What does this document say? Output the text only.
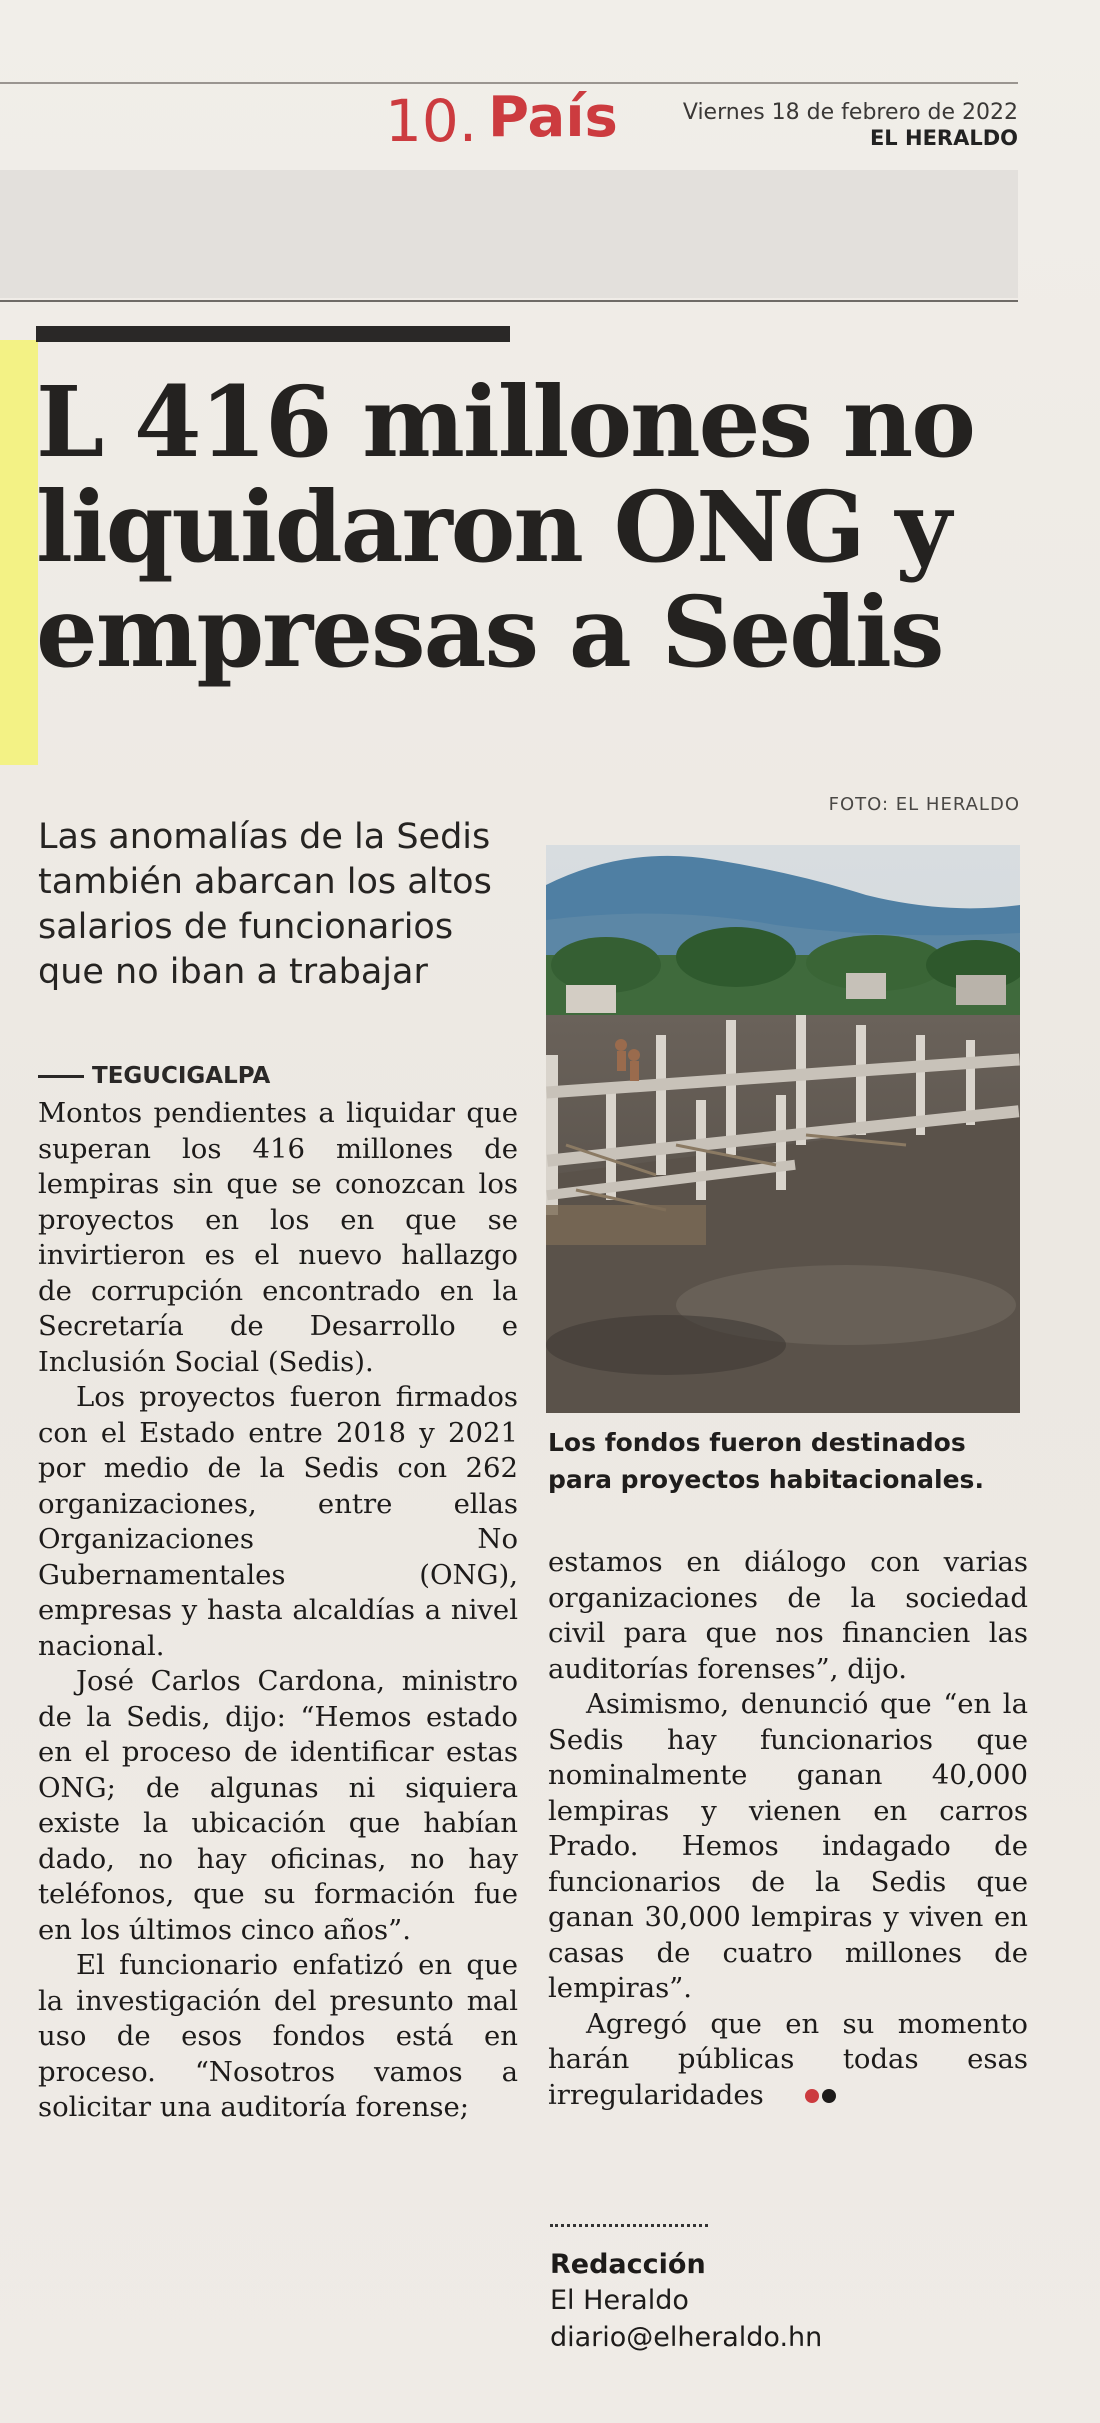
10. País	Viernes 18 de febrero de 2022
EL HERALDO
L 416 millones no
liquidaron ONG y
empresas a Sedis
FOTO: EL HERALDO
Las anomalías de la Sedis
también abarcan los altos
salarios de funcionarios
que no iban a trabajar
Los fondos fueron destinados
para proyectos habitacionales.
TEGUCIGALPA

Montos pendientes a liquidar que superan los 416 millones de lempiras sin que se conozcan los proyectos en los en que se invirtieron es el nuevo hallazgo de corrupción encontrado en la Secretaría de Desarrollo e Inclusión Social (Sedis).

Los proyectos fueron firmados con el Estado entre 2018 y 2021 por medio de la Sedis con 262 organizaciones, entre ellas Organizaciones No Gubernamentales (ONG), empresas y hasta alcaldías a nivel nacional.

José Carlos Cardona, ministro de la Sedis, dijo: “Hemos estado en el proceso de identificar estas ONG; de algunas ni siquiera existe la ubicación que habían dado, no hay oficinas, no hay teléfonos, que su formación fue en los últimos cinco años”.

El funcionario enfatizó en que la investigación del presunto mal uso de esos fondos está en proceso. “Nosotros vamos a solicitar una auditoría forense;

estamos en diálogo con varias organizaciones de la sociedad civil para que nos financien las auditorías forenses”, dijo.

Asimismo, denunció que “en la Sedis hay funcionarios que nominalmente ganan 40,000 lempiras y vienen en carros Prado. Hemos indagado de funcionarios de la Sedis que ganan 30,000 lempiras y viven en casas de cuatro millones de lempiras”.

Agregó que en su momento harán públicas todas esas irregularidades

Redacción
El Heraldo
diario@elheraldo.hn
